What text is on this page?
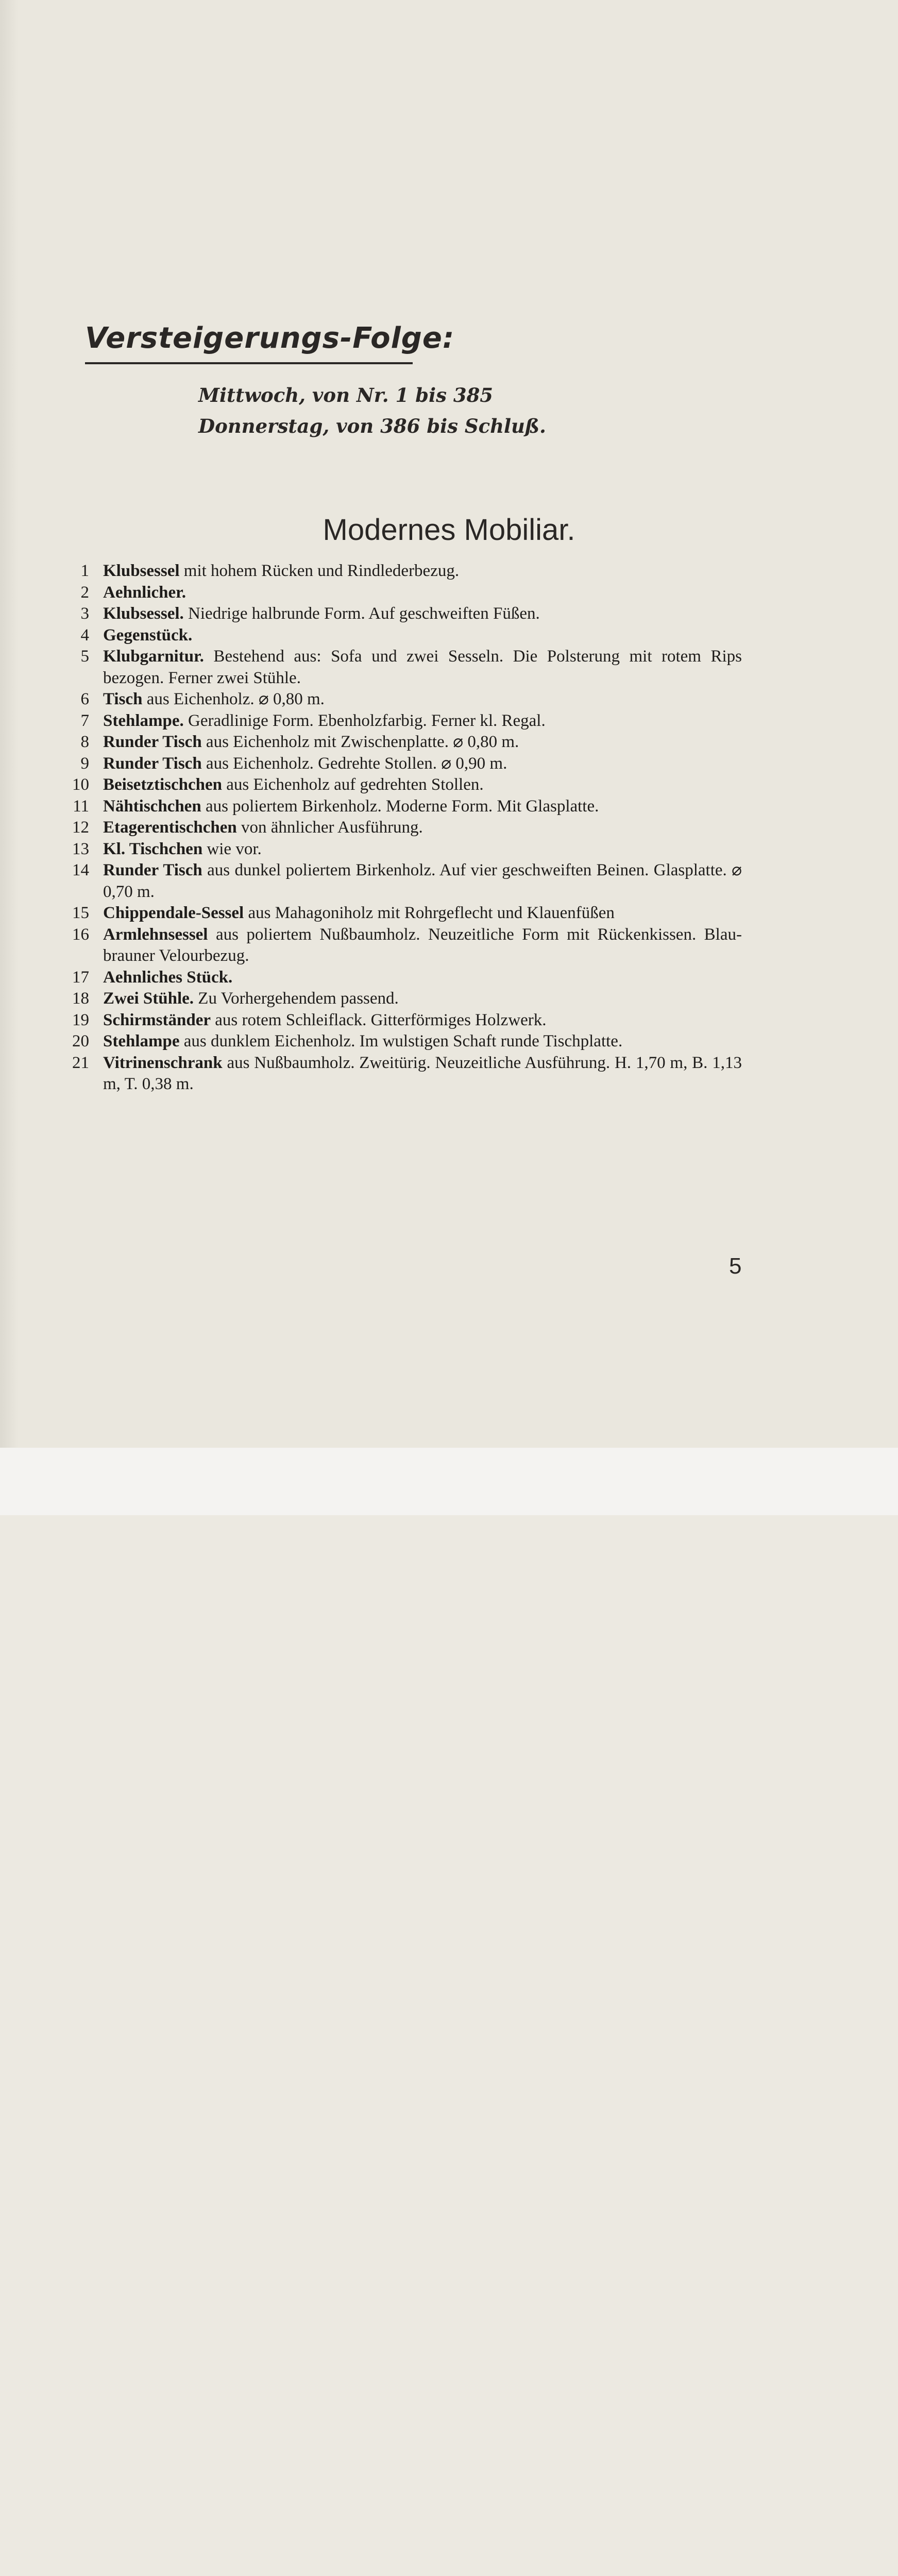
Versteigerungs-Folge:
Mittwoch, von Nr. 1 bis 385
Donnerstag, von 386 bis Schluß.
Modernes Mobiliar.
1 Klubsessel mit hohem Rücken und Rindlederbezug.
2 Aehnlicher.
3 Klubsessel. Niedrige halbrunde Form. Auf geschweiften Füßen.
4 Gegenstück.
5 Klubgarnitur. Bestehend aus: Sofa und zwei Sesseln. Die Polsterung mit rotem Rips bezogen. Ferner zwei Stühle.
6 Tisch aus Eichenholz. ⌀ 0,80 m.
7 Stehlampe. Geradlinige Form. Ebenholzfarbig. Ferner kl. Regal.
8 Runder Tisch aus Eichenholz mit Zwischenplatte. ⌀ 0,80 m.
9 Runder Tisch aus Eichenholz. Gedrehte Stollen. ⌀ 0,90 m.
10 Beisetztischchen aus Eichenholz auf gedrehten Stollen.
11 Nähtischchen aus poliertem Birkenholz. Moderne Form. Mit Glasplatte.
12 Etagerentischchen von ähnlicher Ausführung.
13 Kl. Tischchen wie vor.
14 Runder Tisch aus dunkel poliertem Birkenholz. Auf vier geschweiften Beinen. Glasplatte. ⌀ 0,70 m.
15 Chippendale-Sessel aus Mahagoniholz mit Rohrgeflecht und Klauenfüßen
16 Armlehnsessel aus poliertem Nußbaumholz. Neuzeitliche Form mit Rückenkissen. Blau-brauner Velourbezug.
17 Aehnliches Stück.
18 Zwei Stühle. Zu Vorhergehendem passend.
19 Schirmständer aus rotem Schleiflack. Gitterförmiges Holzwerk.
20 Stehlampe aus dunklem Eichenholz. Im wulstigen Schaft runde Tischplatte.
21 Vitrinenschrank aus Nußbaumholz. Zweitürig. Neuzeitliche Ausführung. H. 1,70 m, B. 1,13 m, T. 0,38 m.
5
